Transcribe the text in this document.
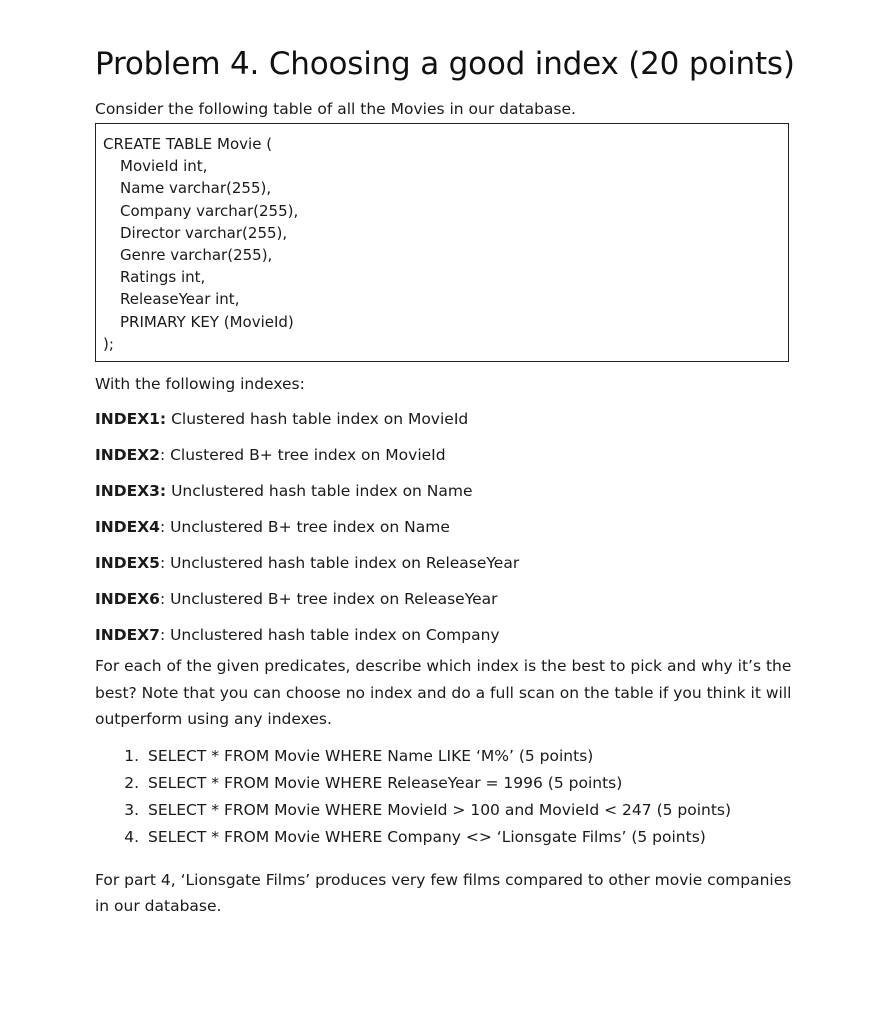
Problem 4. Choosing a good index (20 points)
Consider the following table of all the Movies in our database.
CREATE TABLE Movie (
MovieId int,
Name varchar(255),
Company varchar(255),
Director varchar(255),
Genre varchar(255),
Ratings int,
ReleaseYear int,
PRIMARY KEY (MovieId)
);
With the following indexes:
INDEX1: Clustered hash table index on MovieId
INDEX2: Clustered B+ tree index on MovieId
INDEX3: Unclustered hash table index on Name
INDEX4: Unclustered B+ tree index on Name
INDEX5: Unclustered hash table index on ReleaseYear
INDEX6: Unclustered B+ tree index on ReleaseYear
INDEX7: Unclustered hash table index on Company
For each of the given predicates, describe which index is the best to pick and why it’s the best? Note that you can choose no index and do a full scan on the table if you think it will outperform using any indexes.
1. SELECT * FROM Movie WHERE Name LIKE ‘M%’ (5 points)
2. SELECT * FROM Movie WHERE ReleaseYear = 1996 (5 points)
3. SELECT * FROM Movie WHERE MovieId > 100 and MovieId < 247 (5 points)
4. SELECT * FROM Movie WHERE Company <> ‘Lionsgate Films’ (5 points)
For part 4, ‘Lionsgate Films’ produces very few films compared to other movie companies in our database.
